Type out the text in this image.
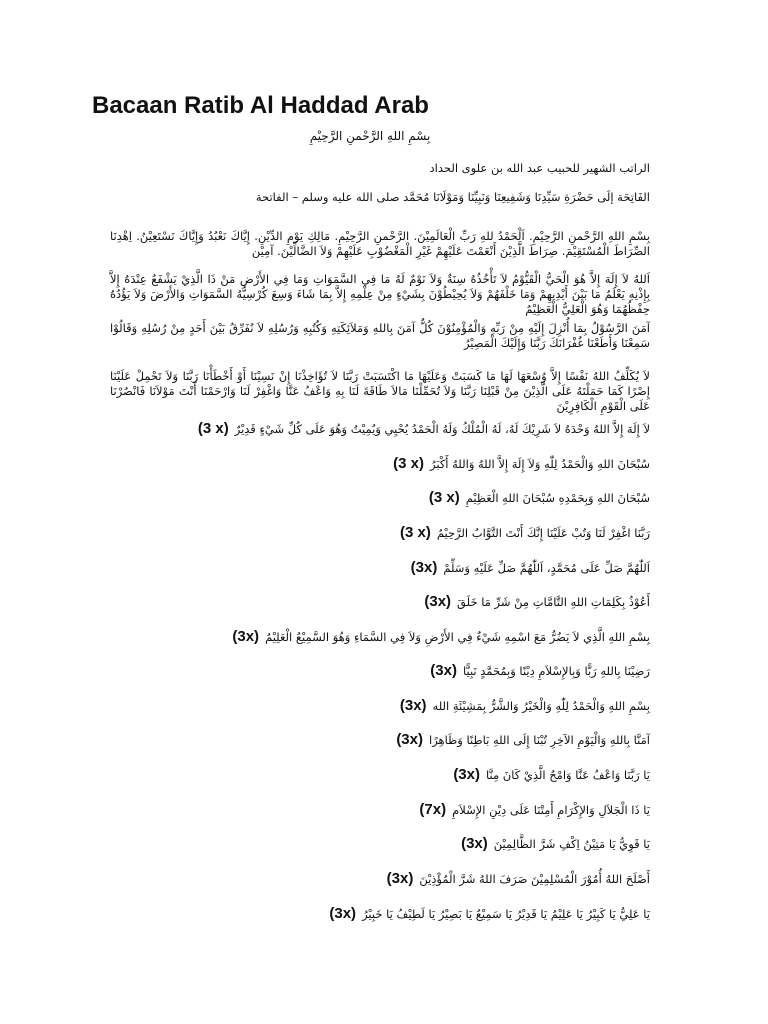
Bacaan Ratib Al Haddad Arab

بِسْمِ اللهِ الرَّحْمنِ الرَّحِيْمِ

الراتب الشهير للحبيب عبد الله بن علوى الحداد

الفَاتِحَة إلَى حَضْرَةِ سَيِّدِنَا وَشَفِيعِنَا وَنَبِيِّنَا وَمَوْلَانَا مُحَمَّد صلى الله عليه وسلم – الفاتحة

بِسْمِ اللهِ الرَّحْمنِ الرَّحِيْمِ. اَلْحَمْدُ للهِ رَبِّ الْعَالَمِيْنَ. الرَّحْمنِ الرَّحِيْمِ. مَالِكِ يَوْمِ الدِّيْنِ. إِيَّاكَ نَعْبُدُ وَإِيَّاكَ نَسْتَعِيْنُ. اِهْدِنَا الصِّرَاطَ الْمُسْتَقِيْمَ. صِرَاطَ الَّذِيْنَ أَنْعَمْتَ عَلَيْهِمْ غَيْرِ الْمَغْضُوْبِ عَلَيْهِمْ وَلاَ الضَّالِّيْنَ. آمِيْن

اَللهُ لاَ إِلَهَ إِلاَّ هُوَ الْحَيُّ الْقَيُّوْمُ لاَ تَأْخُذُهُ سِنَةٌ وَلاَ نَوْمٌ لَهُ مَا فِي السَّمَوَاتِ وَمَا فِي الأَرْضِ مَنْ ذَا الَّذِيْ يَشْفَعُ عِنْدَهُ إِلاَّ بِإِذْنِهِ يَعْلَمُ مَا بَيْنَ أَيْدِيهِمْ وَمَا خَلْفَهُمْ وَلاَ يُحِيْطُوْنَ بِشَيْءٍ مِنْ عِلْمِهِ إِلاَّ بِمَا شَاءَ وَسِعَ كُرْسِيُّهُ السَّمَوَاتِ وَالأَرْضَ وَلاَ يَؤُدُهُ حِفْظُهُمَا وَهُوَ الْعَلِيُّ الْعَظِيْمُ

آمَنَ الرَّسُوْلُ بِمَا أُنْزِلَ إِلَيْهِ مِنْ رَبِّهِ وَالْمُؤْمِنُوْنَ كُلٌّ آمَنَ بِاللهِ وَمَلاَئِكَتِهِ وَكُتُبِهِ وَرُسُلِهِ لاَ نُفَرِّقُ بَيْنَ أَحَدٍ مِنْ رُسُلِهِ وَقَالُوْا سَمِعْنَا وَأَطَعْنَا غُفْرَانَكَ رَبَّنَا وَإِلَيْكَ الْمَصِيْرُ

لاَ يُكَلِّفُ اللهُ نَفْسًا إِلاَّ وُسْعَهَا لَهَا مَا كَسَبَتْ وَعَلَيْهَا مَا اكْتَسَبَتْ رَبَّنَا لاَ تُؤَاخِذْنَا إِنْ نَسِيْنَا أَوْ أَخْطَأْنَا رَبَّنَا وَلاَ تَحْمِلْ عَلَيْنَا إِصْرًا كَمَا حَمَلْتَهُ عَلَى الَّذِيْنَ مِنْ قَبْلِنَا رَبَّنَا وَلاَ تُحَمِّلْنَا مَالاَ طَاقَةَ لَنَا بِهِ وَاعْفُ عَنَّا وَاغْفِرْ لَنَا وَارْحَمْنَا أَنْتَ مَوْلاَنَا فَانْصُرْنَا عَلَى الْقَوْمِ الْكَافِرِيْنَ

لاَ إِلَهَ إِلاَّ اللهُ وَحْدَهُ لاَ شَرِيْكَ لَهُ، لَهُ الْمُلْكُ وَلَهُ الْحَمْدُ يُحْيِي وَيُمِيْتُ وَهُوَ عَلَى كُلِّ شَيْءٍ قَدِيْرٌ(3 x)
سُبْحَانَ اللهِ وَالْحَمْدُ لِلّٰهِ وَلاَ إِلَهَ إِلاَّ اللهُ وَاللهُ أَكْبَرُ(3 x)
سُبْحَانَ اللهِ وَبِحَمْدِهِ سُبْحَانَ اللهِ الْعَظِيْمِ(3 x)
رَبَّنَا اغْفِرْ لَنَا وَتُبْ عَلَيْنَا إِنَّكَ أَنْتَ التَّوَّابُ الرَّحِيْمُ(3 x)
اَللّٰهُمَّ صَلِّ عَلَى مُحَمَّدٍ، اَللّٰهُمَّ صَلِّ عَلَيْهِ وَسَلِّمْ(3x)
أَعُوْذُ بِكَلِمَاتِ اللهِ التَّامَّاتِ مِنْ شَرِّ مَا خَلَقَ(3x)
بِسْمِ اللهِ الَّذِي لاَ يَضُرُّ مَعَ اسْمِهِ شَيْءٌ فِي الأَرْضِ وَلاَ فِي السَّمَاءِ وَهُوَ السَّمِيْعُ الْعَلِيْمُ(3x)
رَضِيْنَا بِاللهِ رَبًّا وَبِالإِسْلاَمِ دِيْنًا وَبِمُحَمَّدٍ نَبِيًّا(3x)
بِسْمِ اللهِ وَالْحَمْدُ لِلّٰهِ وَالْخَيْرُ وَالشَّرُّ بِمَشِيْئَةِ الله(3x)
آمَنَّا بِاللهِ وَالْيَوْمِ الآخِرِ تُبْنَا إِلَى اللهِ بَاطِنًا وَظَاهِرًا(3x)
يَا رَبَّنَا وَاعْفُ عَنَّا وَامْحُ الَّذِيْ كَانَ مِنَّا(3x)
يَا ذَا الْجَلاَلِ وَالإِكْرَامِ أَمِتْنَا عَلَى دِيْنِ الإِسْلاَمِ(7x)
يَا قَوِيُّ يَا مَتِيْنُ اِكْفِ شَرَّ الظَّالِمِيْنَ(3x)
أَصْلَحَ اللهُ أُمُوْرَ الْمُسْلِمِيْنَ صَرَفَ اللهُ شَرَّ الْمُؤْذِيْنَ(3x)
يَا عَلِيُّ يَا كَبِيْرُ يَا عَلِيْمُ يَا قَدِيْرُ يَا سَمِيْعُ يَا بَصِيْرُ يَا لَطِيْفُ يَا خَبِيْرُ(3x)
